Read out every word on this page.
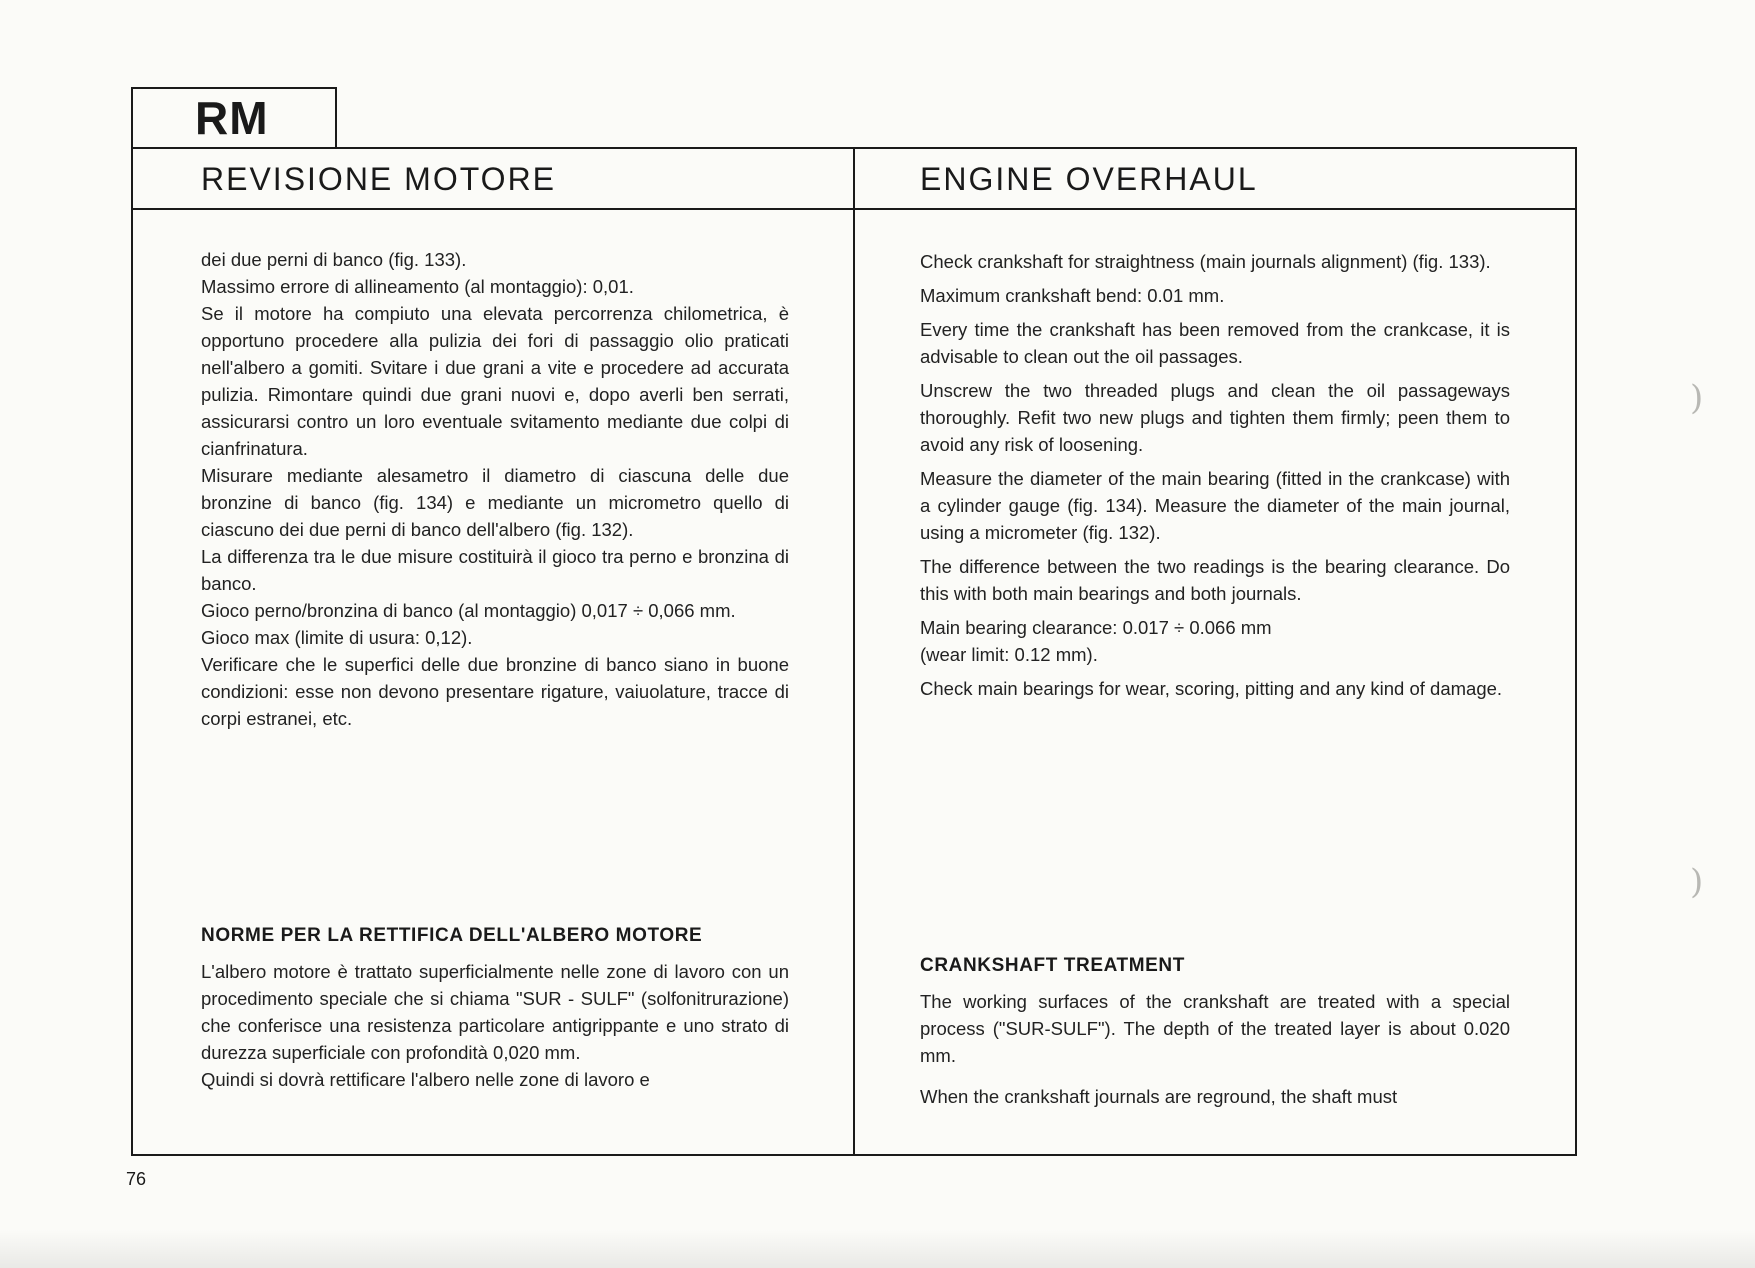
RM
REVISIONE MOTORE	ENGINE OVERHAUL

dei due perni di banco (fig. 133).

Massimo errore di allineamento (al montaggio): 0,01.

Se il motore ha compiuto una elevata percorrenza chilometrica, è opportuno procedere alla pulizia dei fori di passaggio olio praticati nell'albero a gomiti. Svitare i due grani a vite e procedere ad accurata pulizia. Rimontare quindi due grani nuovi e, dopo averli ben serrati, assicurarsi contro un loro eventuale svitamento mediante due colpi di cianfrinatura.

Misurare mediante alesametro il diametro di ciascuna delle due bronzine di banco (fig. 134) e mediante un micrometro quello di ciascuno dei due perni di banco dell'albero (fig. 132).

La differenza tra le due misure costituirà il gioco tra perno e bronzina di banco.

Gioco perno/bronzina di banco (al montaggio) 0,017 ÷ 0,066 mm.

Gioco max (limite di usura: 0,12).

Verificare che le superfici delle due bronzine di banco siano in buone condizioni: esse non devono presentare rigature, vaiuolature, tracce di corpi estranei, etc.

Check crankshaft for straightness (main journals alignment) (fig. 133).

Maximum crankshaft bend: 0.01 mm.

Every time the crankshaft has been removed from the crankcase, it is advisable to clean out the oil passages.

Unscrew the two threaded plugs and clean the oil passageways thoroughly. Refit two new plugs and tighten them firmly; peen them to avoid any risk of loosening.

Measure the diameter of the main bearing (fitted in the crankcase) with a cylinder gauge (fig. 134). Measure the diameter of the main journal, using a micrometer (fig. 132).

The difference between the two readings is the bearing clearance. Do this with both main bearings and both journals.

Main bearing clearance: 0.017 ÷ 0.066 mm

(wear limit: 0.12 mm).

Check main bearings for wear, scoring, pitting and any kind of damage.

NORME PER LA RETTIFICA DELL'ALBERO MOTORE

L'albero motore è trattato superficialmente nelle zone di lavoro con un procedimento speciale che si chiama "SUR - SULF" (solfonitrurazione) che conferisce una resistenza particolare antigrippante e uno strato di durezza superficiale con profondità 0,020 mm.

Quindi si dovrà rettificare l'albero nelle zone di lavoro e

CRANKSHAFT TREATMENT

The working surfaces of the crankshaft are treated with a special process ("SUR-SULF"). The depth of the treated layer is about 0.020 mm.

When the crankshaft journals are reground, the shaft must

76
)
)
